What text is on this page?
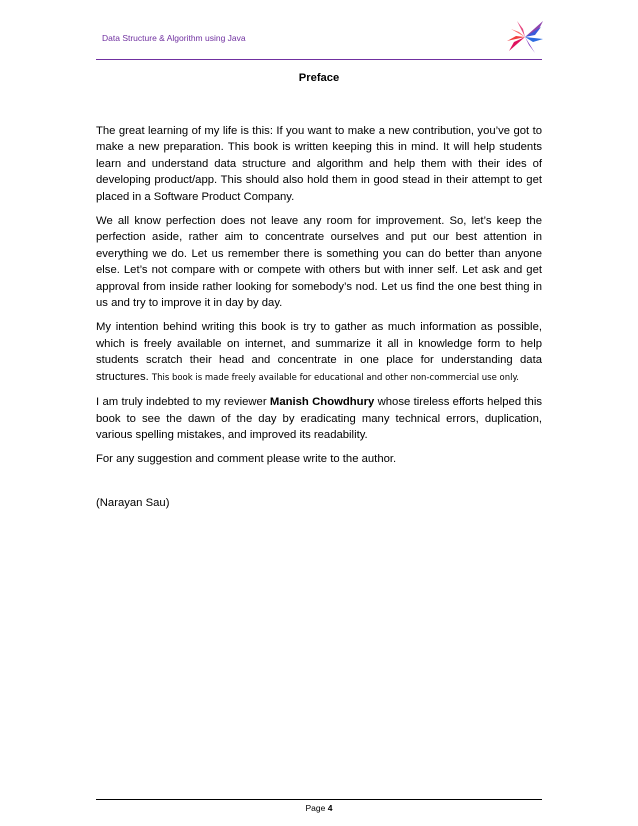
Data Structure & Algorithm using Java
Preface

The great learning of my life is this: If you want to make a new contribution, you’ve got to make a new preparation. This book is written keeping this in mind. It will help students learn and understand data structure and algorithm and help them with their ides of developing product/app. This should also hold them in good stead in their attempt to get placed in a Software Product Company.

We all know perfection does not leave any room for improvement. So, let’s keep the perfection aside, rather aim to concentrate ourselves and put our best attention in everything we do. Let us remember there is something you can do better than anyone else. Let’s not compare with or compete with others but with inner self. Let ask and get approval from inside rather looking for somebody’s nod. Let us find the one best thing in us and try to improve it in day by day.

My intention behind writing this book is try to gather as much information as possible, which is freely available on internet, and summarize it all in knowledge form to help students scratch their head and concentrate in one place for understanding data structures. This book is made freely available for educational and other non-commercial use only.

I am truly indebted to my reviewer Manish Chowdhury whose tireless efforts helped this book to see the dawn of the day by eradicating many technical errors, duplication, various spelling mistakes, and improved its readability.

For any suggestion and comment please write to the author.

(Narayan Sau)
Page 4
